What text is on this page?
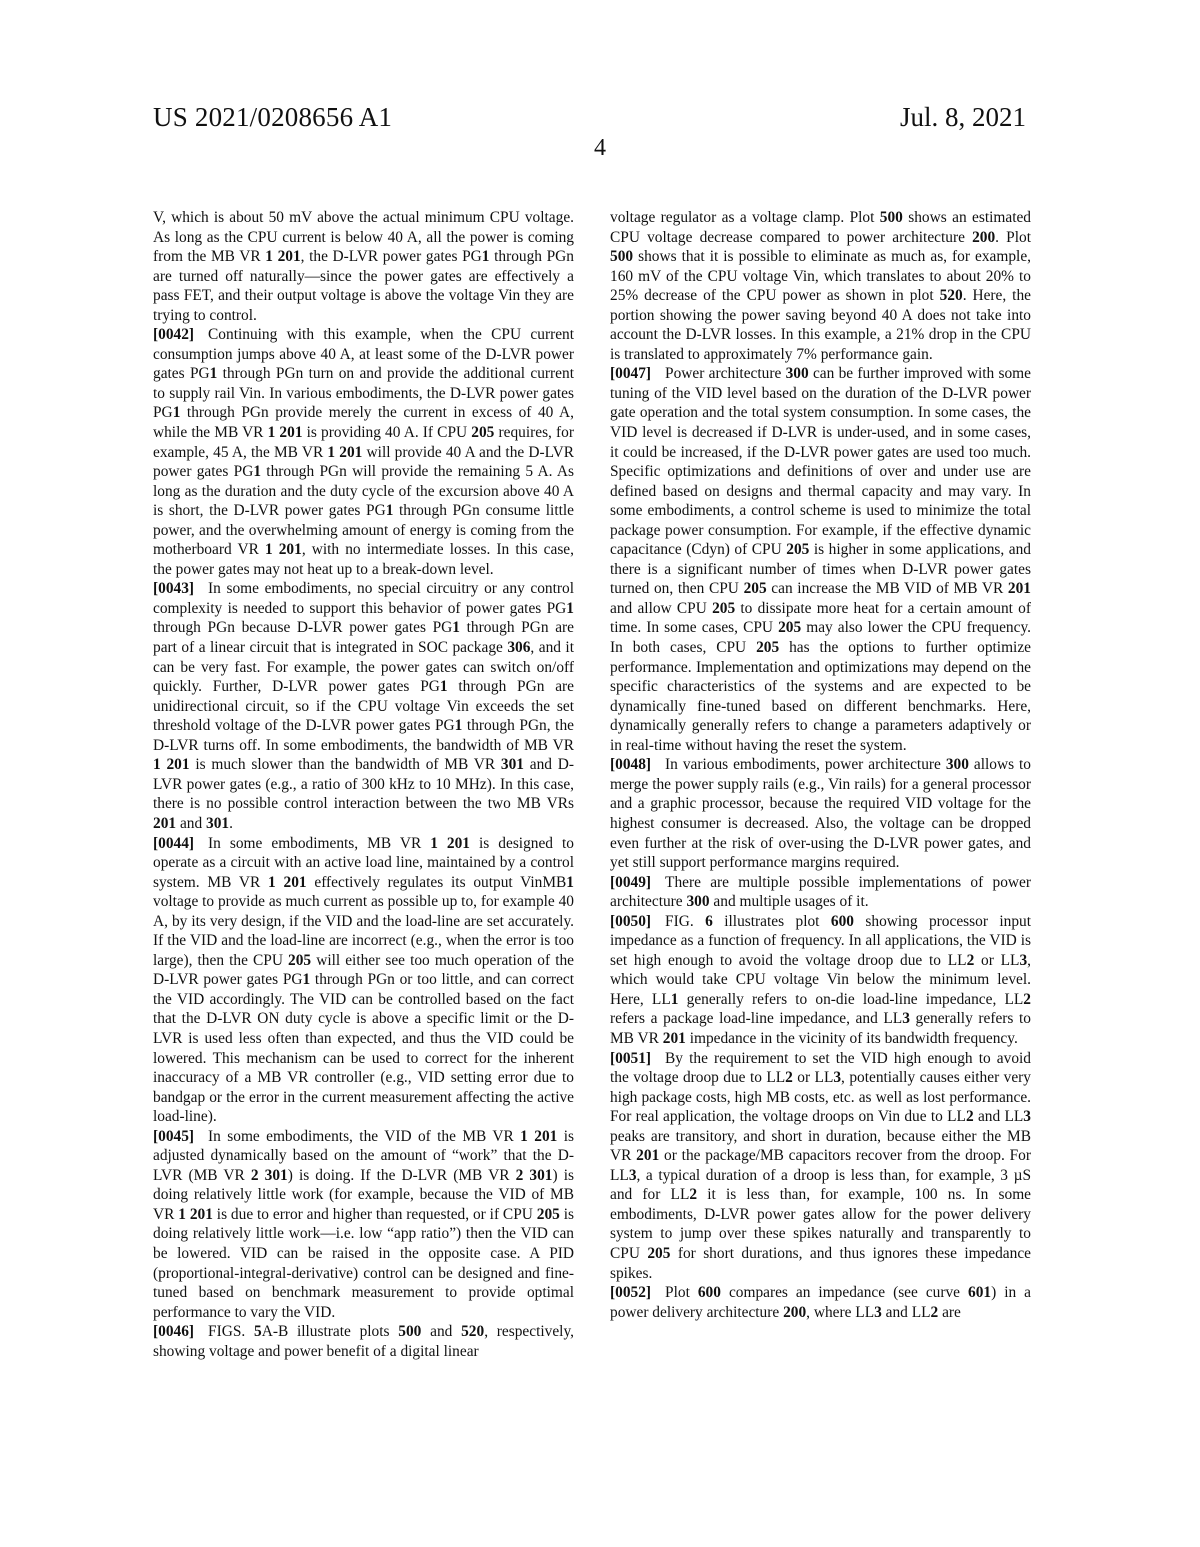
US 2021/0208656 A1	Jul. 8, 2021
4

V, which is about 50 mV above the actual minimum CPU voltage. As long as the CPU current is below 40 A, all the power is coming from the MB VR 1 201, the D-LVR power gates PG1 through PGn are turned off naturally—since the power gates are effectively a pass FET, and their output voltage is above the voltage Vin they are trying to control.

[0042] Continuing with this example, when the CPU current consumption jumps above 40 A, at least some of the D-LVR power gates PG1 through PGn turn on and provide the additional current to supply rail Vin. In various embodiments, the D-LVR power gates PG1 through PGn provide merely the current in excess of 40 A, while the MB VR 1 201 is providing 40 A. If CPU 205 requires, for example, 45 A, the MB VR 1 201 will provide 40 A and the D-LVR power gates PG1 through PGn will provide the remaining 5 A. As long as the duration and the duty cycle of the excursion above 40 A is short, the D-LVR power gates PG1 through PGn consume little power, and the overwhelming amount of energy is coming from the motherboard VR 1 201, with no intermediate losses. In this case, the power gates may not heat up to a break-down level.

[0043] In some embodiments, no special circuitry or any control complexity is needed to support this behavior of power gates PG1 through PGn because D-LVR power gates PG1 through PGn are part of a linear circuit that is integrated in SOC package 306, and it can be very fast. For example, the power gates can switch on/off quickly. Further, D-LVR power gates PG1 through PGn are unidirectional circuit, so if the CPU voltage Vin exceeds the set threshold voltage of the D-LVR power gates PG1 through PGn, the D-LVR turns off. In some embodiments, the bandwidth of MB VR 1 201 is much slower than the bandwidth of MB VR 301 and D-LVR power gates (e.g., a ratio of 300 kHz to 10 MHz). In this case, there is no possible control interaction between the two MB VRs 201 and 301.

[0044] In some embodiments, MB VR 1 201 is designed to operate as a circuit with an active load line, maintained by a control system. MB VR 1 201 effectively regulates its output VinMB1 voltage to provide as much current as possible up to, for example 40 A, by its very design, if the VID and the load-line are set accurately. If the VID and the load-line are incorrect (e.g., when the error is too large), then the CPU 205 will either see too much operation of the D-LVR power gates PG1 through PGn or too little, and can correct the VID accordingly. The VID can be controlled based on the fact that the D-LVR ON duty cycle is above a specific limit or the D-LVR is used less often than expected, and thus the VID could be lowered. This mechanism can be used to correct for the inherent inaccuracy of a MB VR controller (e.g., VID setting error due to bandgap or the error in the current measurement affecting the active load-line).

[0045] In some embodiments, the VID of the MB VR 1 201 is adjusted dynamically based on the amount of “work” that the D-LVR (MB VR 2 301) is doing. If the D-LVR (MB VR 2 301) is doing relatively little work (for example, because the VID of MB VR 1 201 is due to error and higher than requested, or if CPU 205 is doing relatively little work—i.e. low “app ratio”) then the VID can be lowered. VID can be raised in the opposite case. A PID (proportional-integral-derivative) control can be designed and fine-tuned based on benchmark measurement to provide optimal performance to vary the VID.

[0046] FIGS. 5A-B illustrate plots 500 and 520, respectively, showing voltage and power benefit of a digital linear

voltage regulator as a voltage clamp. Plot 500 shows an estimated CPU voltage decrease compared to power architecture 200. Plot 500 shows that it is possible to eliminate as much as, for example, 160 mV of the CPU voltage Vin, which translates to about 20% to 25% decrease of the CPU power as shown in plot 520. Here, the portion showing the power saving beyond 40 A does not take into account the D-LVR losses. In this example, a 21% drop in the CPU is translated to approximately 7% performance gain.

[0047] Power architecture 300 can be further improved with some tuning of the VID level based on the duration of the D-LVR power gate operation and the total system consumption. In some cases, the VID level is decreased if D-LVR is under-used, and in some cases, it could be increased, if the D-LVR power gates are used too much. Specific optimizations and definitions of over and under use are defined based on designs and thermal capacity and may vary. In some embodiments, a control scheme is used to minimize the total package power consumption. For example, if the effective dynamic capacitance (Cdyn) of CPU 205 is higher in some applications, and there is a significant number of times when D-LVR power gates turned on, then CPU 205 can increase the MB VID of MB VR 201 and allow CPU 205 to dissipate more heat for a certain amount of time. In some cases, CPU 205 may also lower the CPU frequency. In both cases, CPU 205 has the options to further optimize performance. Implementation and optimizations may depend on the specific characteristics of the systems and are expected to be dynamically fine-tuned based on different benchmarks. Here, dynamically generally refers to change a parameters adaptively or in real-time without having the reset the system.

[0048] In various embodiments, power architecture 300 allows to merge the power supply rails (e.g., Vin rails) for a general processor and a graphic processor, because the required VID voltage for the highest consumer is decreased. Also, the voltage can be dropped even further at the risk of over-using the D-LVR power gates, and yet still support performance margins required.

[0049] There are multiple possible implementations of power architecture 300 and multiple usages of it.

[0050] FIG. 6 illustrates plot 600 showing processor input impedance as a function of frequency. In all applications, the VID is set high enough to avoid the voltage droop due to LL2 or LL3, which would take CPU voltage Vin below the minimum level. Here, LL1 generally refers to on-die load-line impedance, LL2 refers a package load-line impedance, and LL3 generally refers to MB VR 201 impedance in the vicinity of its bandwidth frequency.

[0051] By the requirement to set the VID high enough to avoid the voltage droop due to LL2 or LL3, potentially causes either very high package costs, high MB costs, etc. as well as lost performance. For real application, the voltage droops on Vin due to LL2 and LL3 peaks are transitory, and short in duration, because either the MB VR 201 or the package/MB capacitors recover from the droop. For LL3, a typical duration of a droop is less than, for example, 3 µS and for LL2 it is less than, for example, 100 ns. In some embodiments, D-LVR power gates allow for the power delivery system to jump over these spikes naturally and transparently to CPU 205 for short durations, and thus ignores these impedance spikes.

[0052] Plot 600 compares an impedance (see curve 601) in a power delivery architecture 200, where LL3 and LL2 are
